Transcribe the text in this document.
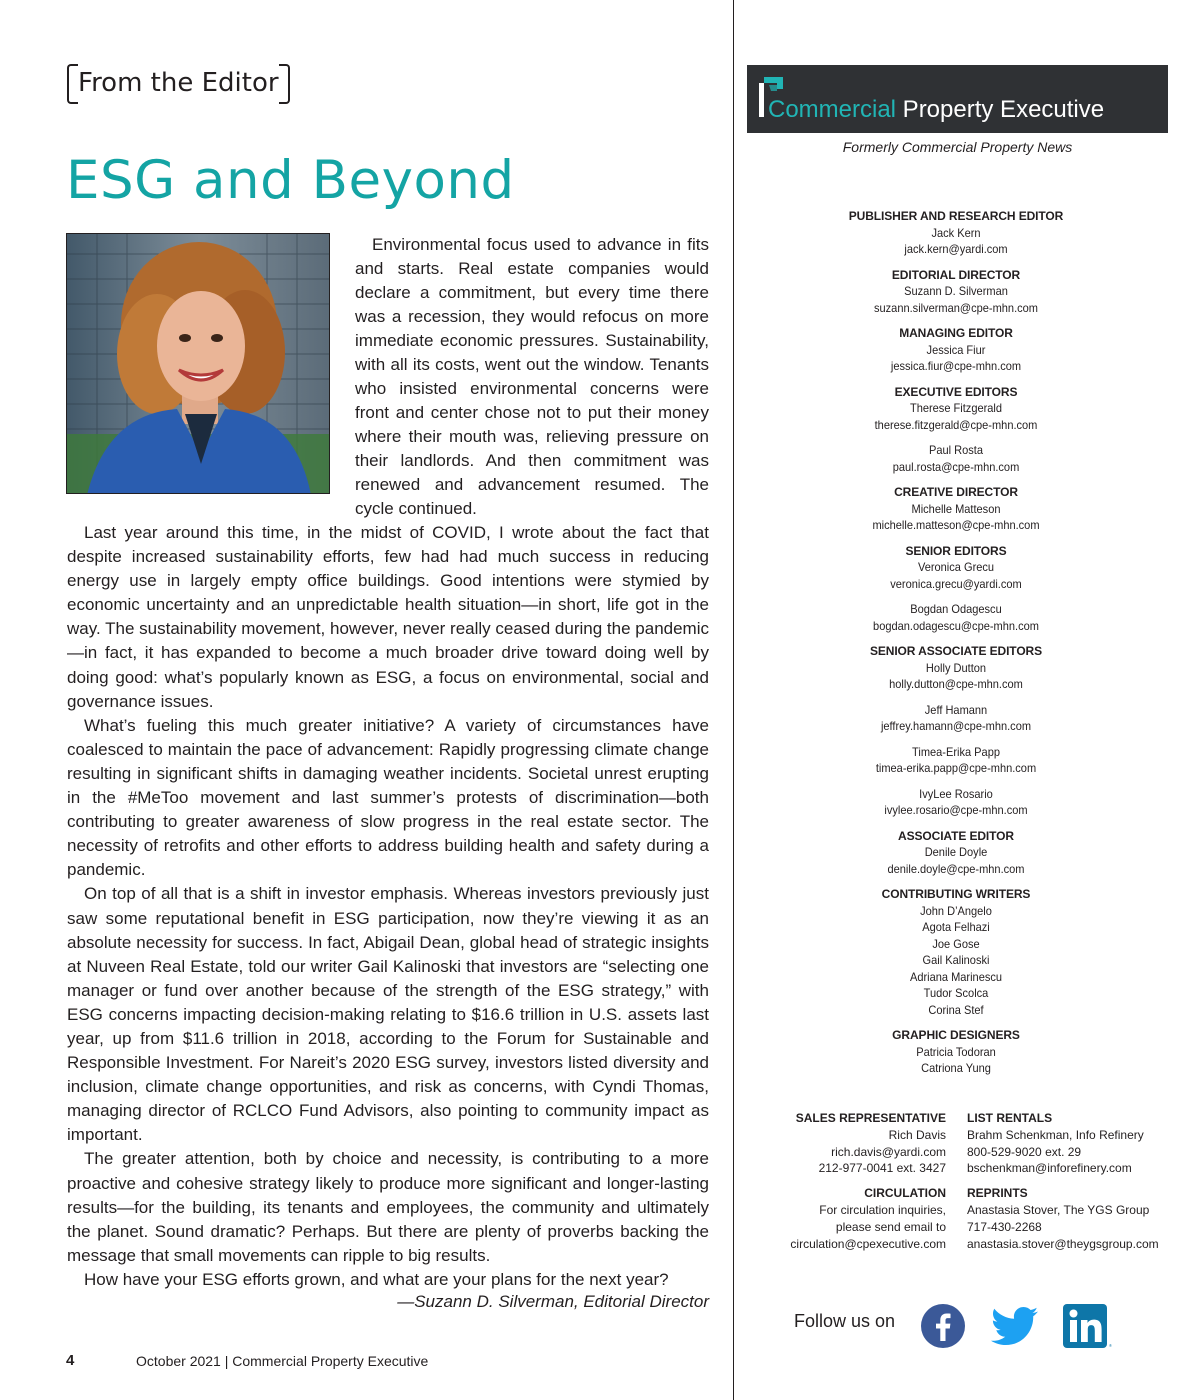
From the Editor
ESG and Beyond

Environmental focus used to advance in fits and starts. Real estate companies would declare a commitment, but every time there was a recession, they would refocus on more immediate economic pressures. Sustainability, with all its costs, went out the window. Tenants who insisted environmental concerns were front and center chose not to put their money where their mouth was, relieving pressure on their landlords. And then commitment was renewed and advancement resumed. The cycle continued.

Last year around this time, in the midst of COVID, I wrote about the fact that despite increased sustainability efforts, few had had much success in reducing energy use in largely empty office buildings. Good intentions were stymied by economic uncertainty and an unpredictable health situation—in short, life got in the way. The sustainability movement, however, never really ceased during the pandemic—in fact, it has expanded to become a much broader drive toward doing well by doing good: what’s popularly known as ESG, a focus on environmental, social and governance issues.

What’s fueling this much greater initiative? A variety of circumstances have coalesced to maintain the pace of advancement: Rapidly progressing climate change resulting in significant shifts in damaging weather incidents. Societal unrest erupting in the #MeToo movement and last summer’s protests of discrimination—both contributing to greater awareness of slow progress in the real estate sector. The necessity of retrofits and other efforts to address building health and safety during a pandemic.

On top of all that is a shift in investor emphasis. Whereas investors previously just saw some reputational benefit in ESG participation, now they’re viewing it as an absolute necessity for success. In fact, Abigail Dean, global head of strategic insights at Nuveen Real Estate, told our writer Gail Kalinoski that investors are “selecting one manager or fund over another because of the strength of the ESG strategy,” with ESG concerns impacting decision-making relating to $16.6 trillion in U.S. assets last year, up from $11.6 trillion in 2018, according to the Forum for Sustainable and Responsible Investment. For Nareit’s 2020 ESG survey, investors listed diversity and inclusion, climate change opportunities, and risk as concerns, with Cyndi Thomas, managing director of RCLCO Fund Advisors, also pointing to community impact as important.

The greater attention, both by choice and necessity, is contributing to a more proactive and cohesive strategy likely to produce more significant and longer-lasting results—for the building, its tenants and employees, the community and ultimately the planet. Sound dramatic? Perhaps. But there are plenty of proverbs backing the message that small movements can ripple to big results.

How have your ESG efforts grown, and what are your plans for the next year?

—Suzann D. Silverman, Editorial Director
4	October 2021 | Commercial Property Executive
Commercial Property Executive
Formerly Commercial Property News
PUBLISHER AND RESEARCH EDITOR
Jack Kern
jack.kern@yardi.com
EDITORIAL DIRECTOR
Suzann D. Silverman
suzann.silverman@cpe-mhn.com
MANAGING EDITOR
Jessica Fiur
jessica.fiur@cpe-mhn.com
EXECUTIVE EDITORS
Therese Fitzgerald
therese.fitzgerald@cpe-mhn.com
Paul Rosta
paul.rosta@cpe-mhn.com
CREATIVE DIRECTOR
Michelle Matteson
michelle.matteson@cpe-mhn.com
SENIOR EDITORS
Veronica Grecu
veronica.grecu@yardi.com
Bogdan Odagescu
bogdan.odagescu@cpe-mhn.com
SENIOR ASSOCIATE EDITORS
Holly Dutton
holly.dutton@cpe-mhn.com
Jeff Hamann
jeffrey.hamann@cpe-mhn.com
Timea-Erika Papp
timea-erika.papp@cpe-mhn.com
IvyLee Rosario
ivylee.rosario@cpe-mhn.com
ASSOCIATE EDITOR
Denile Doyle
denile.doyle@cpe-mhn.com
CONTRIBUTING WRITERS
John D’Angelo
Agota Felhazi
Joe Gose
Gail Kalinoski
Adriana Marinescu
Tudor Scolca
Corina Stef
GRAPHIC DESIGNERS
Patricia Todoran
Catriona Yung
SALES REPRESENTATIVE
Rich Davis
rich.davis@yardi.com
212-977-0041 ext. 3427
CIRCULATION
For circulation inquiries,
please send email to
circulation@cpexecutive.com
LIST RENTALS
Brahm Schenkman, Info Refinery
800-529-9020 ext. 29
bschenkman@inforefinery.com
REPRINTS
Anastasia Stover, The YGS Group
717-430-2268
anastasia.stover@theygsgroup.com
Follow us on
®
